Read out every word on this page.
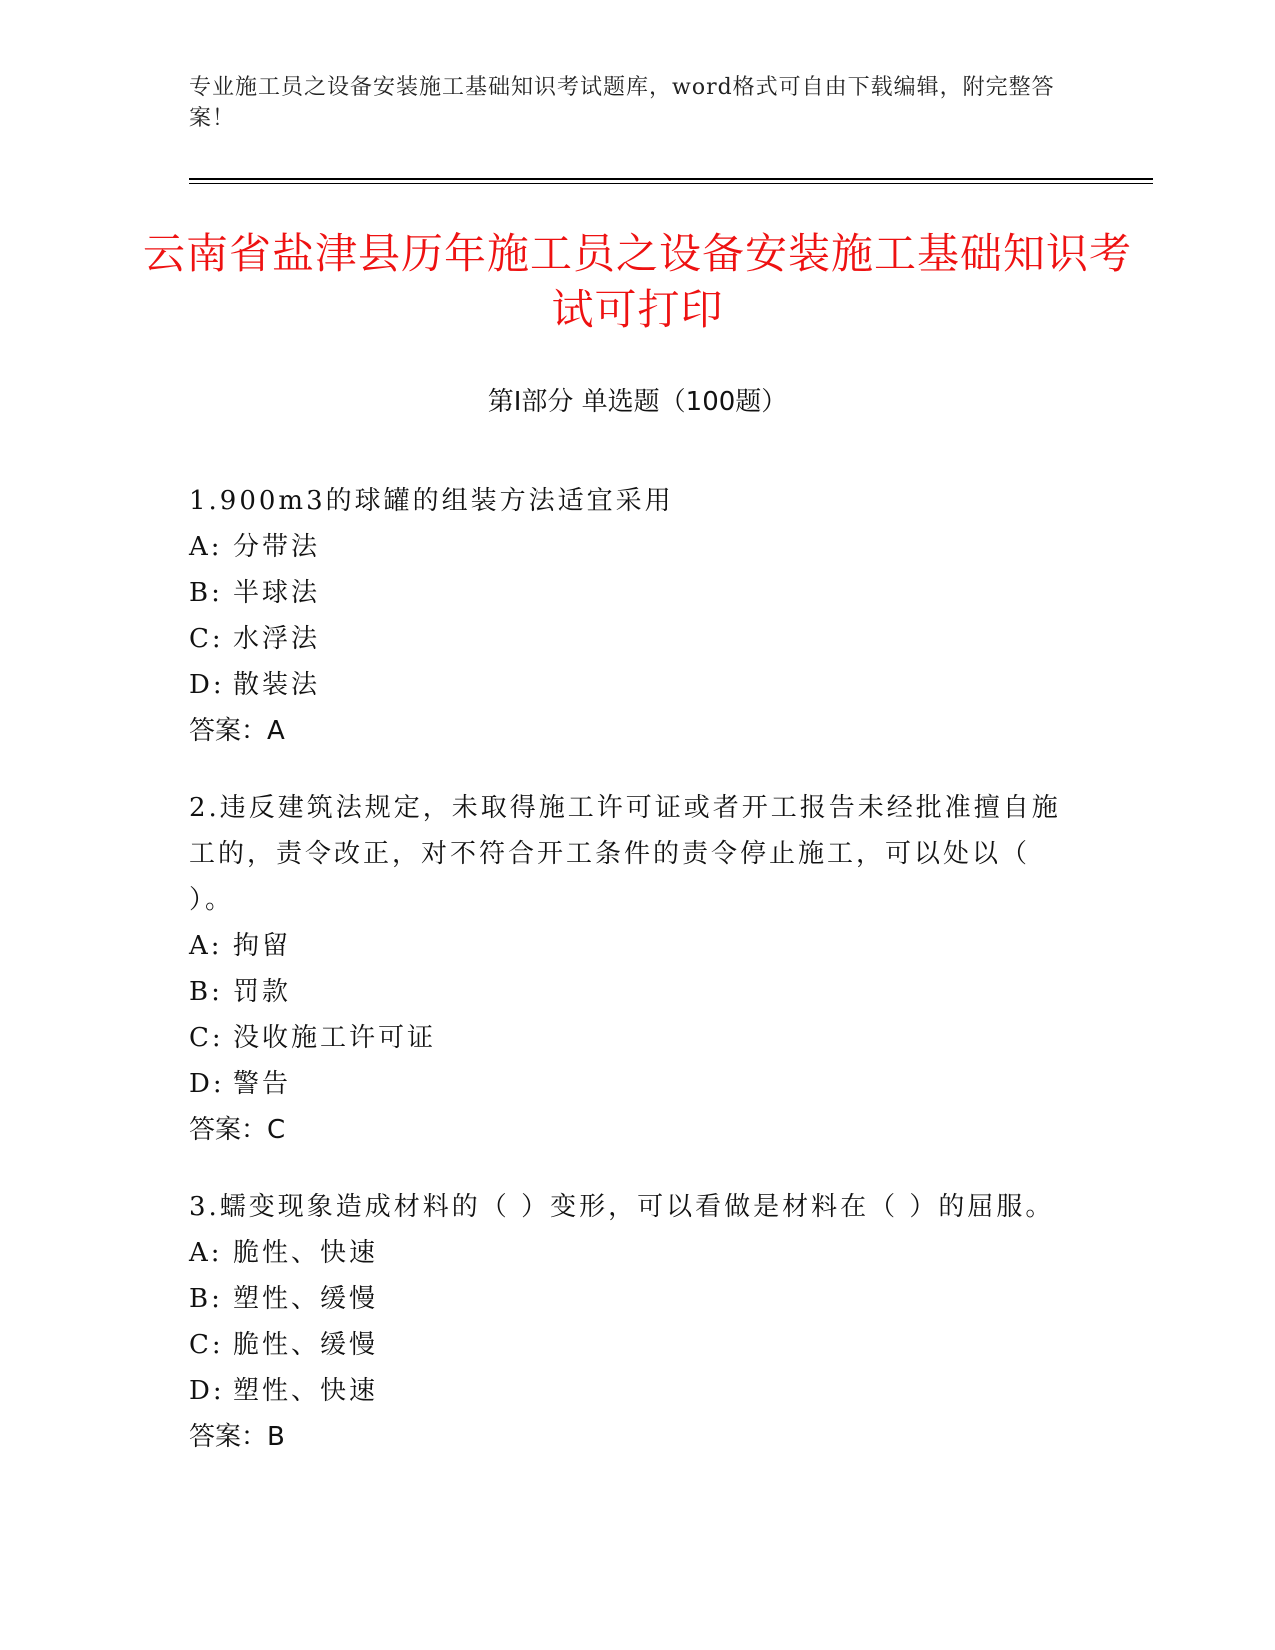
专业施工员之设备安装施工基础知识考试题库，word格式可自由下载编辑，附完整答案！
云南省盐津县历年施工员之设备安装施工基础知识考试可打印
第Ⅰ部分 单选题（100题）

1.900m3的球罐的组装方法适宜采用

A: 分带法

B: 半球法

C: 水浮法

D: 散装法

答案：A

2.违反建筑法规定，未取得施工许可证或者开工报告未经批准擅自施工的，责令改正，对不符合开工条件的责令停止施工，可以处以（ ）。

A: 拘留

B: 罚款

C: 没收施工许可证

D: 警告

答案：C

3.蠕变现象造成材料的（ ）变形，可以看做是材料在（ ）的屈服。

A: 脆性、快速

B: 塑性、缓慢

C: 脆性、缓慢

D: 塑性、快速

答案：B
